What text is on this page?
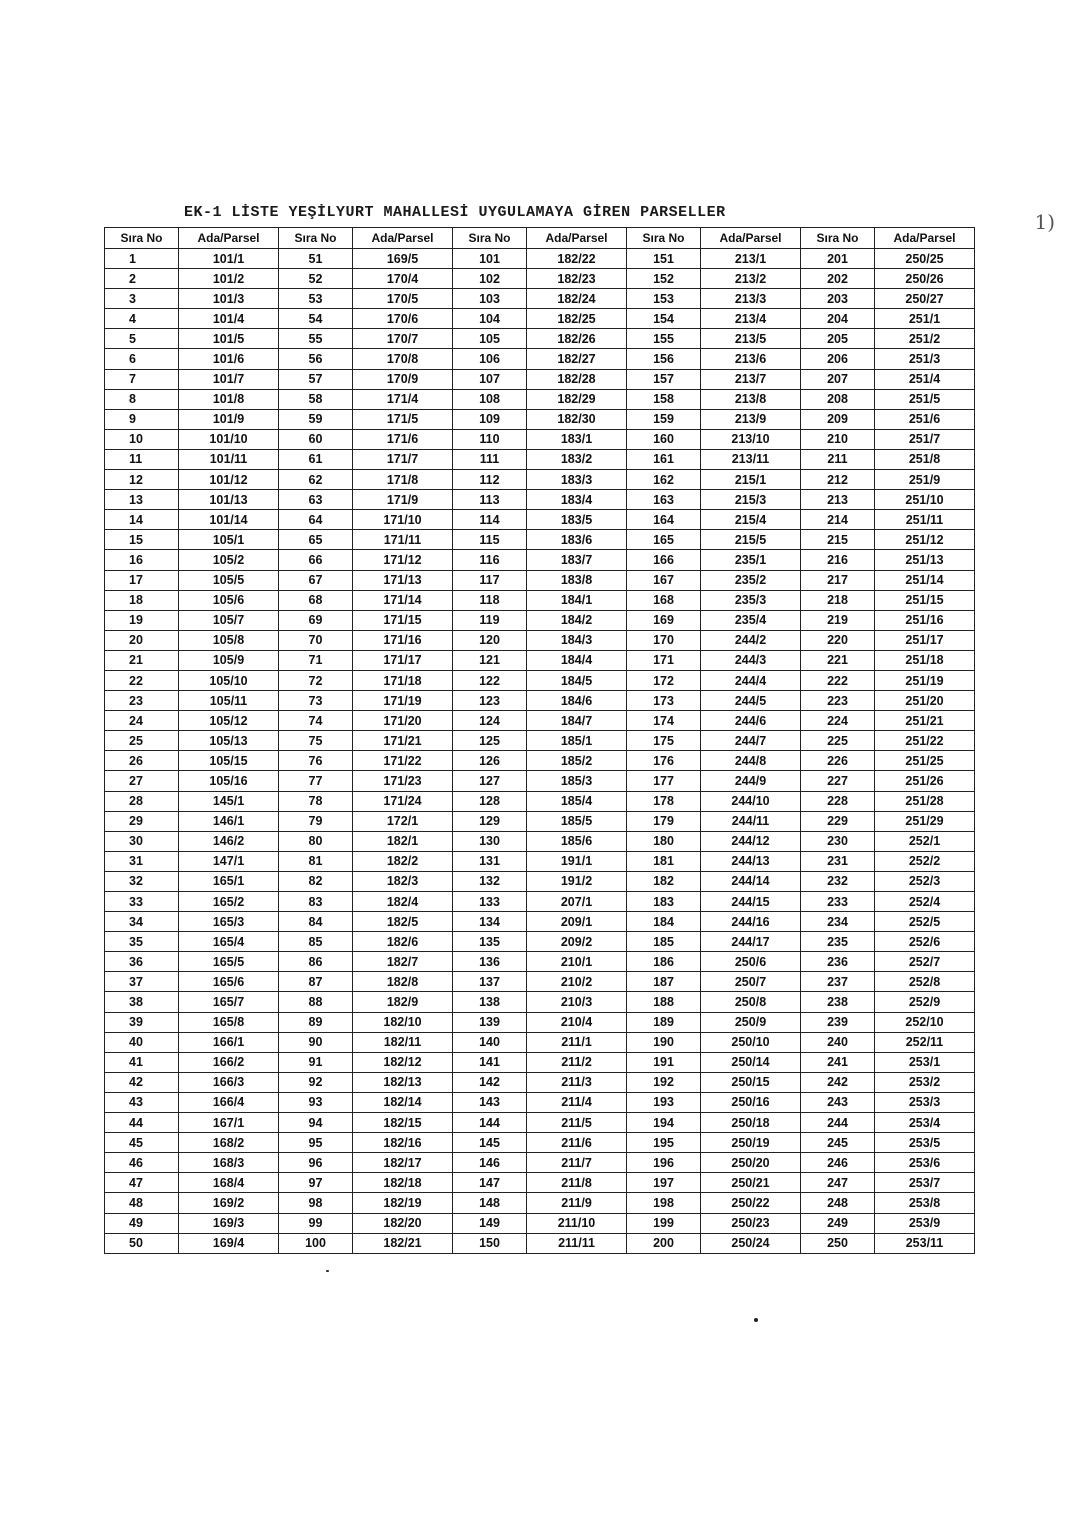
EK-1 LİSTE YEŞİLYURT MAHALLESİ UYGULAMAYA GİREN PARSELLER	1)
Sıra No	Ada/Parsel	Sıra No	Ada/Parsel	Sıra No	Ada/Parsel	Sıra No	Ada/Parsel	Sıra No	Ada/Parsel
1	101/1	51	169/5	101	182/22	151	213/1	201	250/25
2	101/2	52	170/4	102	182/23	152	213/2	202	250/26
3	101/3	53	170/5	103	182/24	153	213/3	203	250/27
4	101/4	54	170/6	104	182/25	154	213/4	204	251/1
5	101/5	55	170/7	105	182/26	155	213/5	205	251/2
6	101/6	56	170/8	106	182/27	156	213/6	206	251/3
7	101/7	57	170/9	107	182/28	157	213/7	207	251/4
8	101/8	58	171/4	108	182/29	158	213/8	208	251/5
9	101/9	59	171/5	109	182/30	159	213/9	209	251/6
10	101/10	60	171/6	110	183/1	160	213/10	210	251/7
11	101/11	61	171/7	111	183/2	161	213/11	211	251/8
12	101/12	62	171/8	112	183/3	162	215/1	212	251/9
13	101/13	63	171/9	113	183/4	163	215/3	213	251/10
14	101/14	64	171/10	114	183/5	164	215/4	214	251/11
15	105/1	65	171/11	115	183/6	165	215/5	215	251/12
16	105/2	66	171/12	116	183/7	166	235/1	216	251/13
17	105/5	67	171/13	117	183/8	167	235/2	217	251/14
18	105/6	68	171/14	118	184/1	168	235/3	218	251/15
19	105/7	69	171/15	119	184/2	169	235/4	219	251/16
20	105/8	70	171/16	120	184/3	170	244/2	220	251/17
21	105/9	71	171/17	121	184/4	171	244/3	221	251/18
22	105/10	72	171/18	122	184/5	172	244/4	222	251/19
23	105/11	73	171/19	123	184/6	173	244/5	223	251/20
24	105/12	74	171/20	124	184/7	174	244/6	224	251/21
25	105/13	75	171/21	125	185/1	175	244/7	225	251/22
26	105/15	76	171/22	126	185/2	176	244/8	226	251/25
27	105/16	77	171/23	127	185/3	177	244/9	227	251/26
28	145/1	78	171/24	128	185/4	178	244/10	228	251/28
29	146/1	79	172/1	129	185/5	179	244/11	229	251/29
30	146/2	80	182/1	130	185/6	180	244/12	230	252/1
31	147/1	81	182/2	131	191/1	181	244/13	231	252/2
32	165/1	82	182/3	132	191/2	182	244/14	232	252/3
33	165/2	83	182/4	133	207/1	183	244/15	233	252/4
34	165/3	84	182/5	134	209/1	184	244/16	234	252/5
35	165/4	85	182/6	135	209/2	185	244/17	235	252/6
36	165/5	86	182/7	136	210/1	186	250/6	236	252/7
37	165/6	87	182/8	137	210/2	187	250/7	237	252/8
38	165/7	88	182/9	138	210/3	188	250/8	238	252/9
39	165/8	89	182/10	139	210/4	189	250/9	239	252/10
40	166/1	90	182/11	140	211/1	190	250/10	240	252/11
41	166/2	91	182/12	141	211/2	191	250/14	241	253/1
42	166/3	92	182/13	142	211/3	192	250/15	242	253/2
43	166/4	93	182/14	143	211/4	193	250/16	243	253/3
44	167/1	94	182/15	144	211/5	194	250/18	244	253/4
45	168/2	95	182/16	145	211/6	195	250/19	245	253/5
46	168/3	96	182/17	146	211/7	196	250/20	246	253/6
47	168/4	97	182/18	147	211/8	197	250/21	247	253/7
48	169/2	98	182/19	148	211/9	198	250/22	248	253/8
49	169/3	99	182/20	149	211/10	199	250/23	249	253/9
50	169/4	100	182/21	150	211/11	200	250/24	250	253/11
